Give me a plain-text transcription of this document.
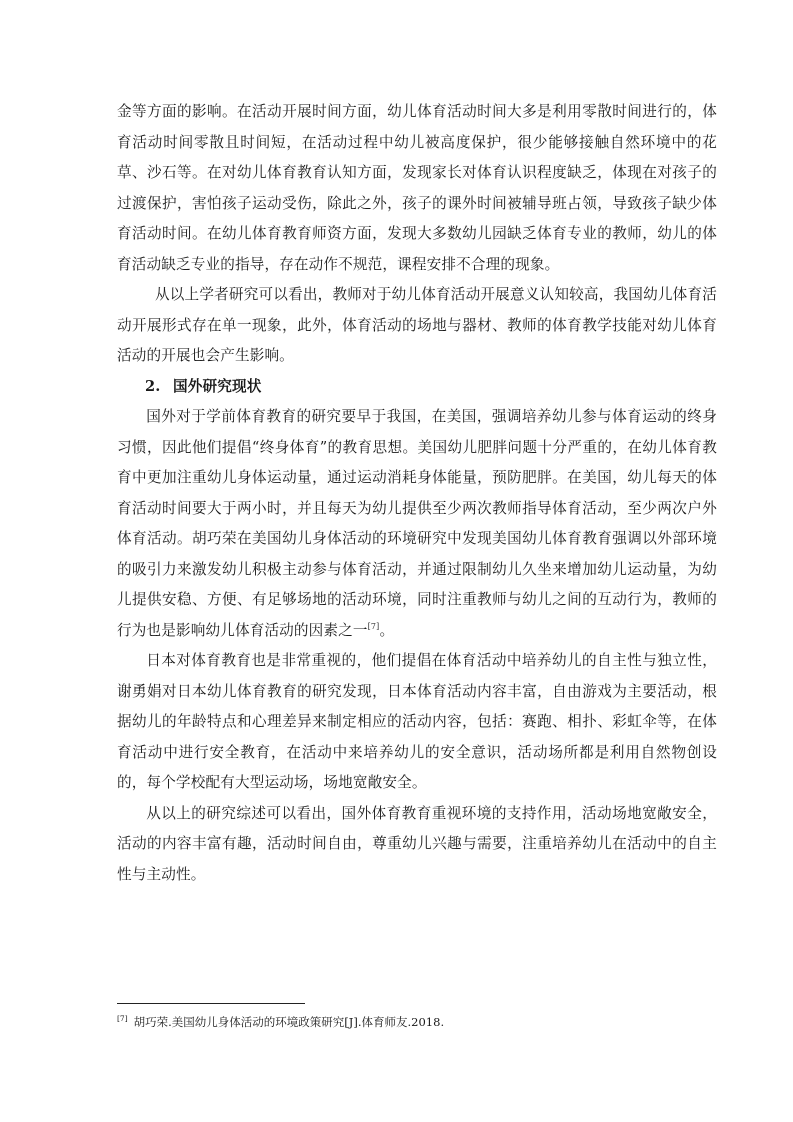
金等方面的影响。在活动开展时间方面，幼儿体育活动时间大多是利用零散时间进行的，体育活动时间零散且时间短，在活动过程中幼儿被高度保护，很少能够接触自然环境中的花草、沙石等。在对幼儿体育教育认知方面，发现家长对体育认识程度缺乏，体现在对孩子的过渡保护，害怕孩子运动受伤，除此之外，孩子的课外时间被辅导班占领，导致孩子缺少体育活动时间。在幼儿体育教育师资方面，发现大多数幼儿园缺乏体育专业的教师，幼儿的体育活动缺乏专业的指导，存在动作不规范，课程安排不合理的现象。

从以上学者研究可以看出，教师对于幼儿体育活动开展意义认知较高，我国幼儿体育活动开展形式存在单一现象，此外，体育活动的场地与器材、教师的体育教学技能对幼儿体育活动的开展也会产生影响。

2. 国外研究现状

国外对于学前体育教育的研究要早于我国，在美国，强调培养幼儿参与体育运动的终身习惯，因此他们提倡“终身体育”的教育思想。美国幼儿肥胖问题十分严重的，在幼儿体育教育中更加注重幼儿身体运动量，通过运动消耗身体能量，预防肥胖。在美国，幼儿每天的体育活动时间要大于两小时，并且每天为幼儿提供至少两次教师指导体育活动，至少两次户外体育活动。胡巧荣在美国幼儿身体活动的环境研究中发现美国幼儿体育教育强调以外部环境的吸引力来激发幼儿积极主动参与体育活动，并通过限制幼儿久坐来增加幼儿运动量，为幼儿提供安稳、方便、有足够场地的活动环境，同时注重教师与幼儿之间的互动行为，教师的行为也是影响幼儿体育活动的因素之一[7]。

日本对体育教育也是非常重视的，他们提倡在体育活动中培养幼儿的自主性与独立性，谢勇娟对日本幼儿体育教育的研究发现，日本体育活动内容丰富，自由游戏为主要活动，根据幼儿的年龄特点和心理差异来制定相应的活动内容，包括：赛跑、相扑、彩虹伞等，在体育活动中进行安全教育，在活动中来培养幼儿的安全意识，活动场所都是利用自然物创设的，每个学校配有大型运动场，场地宽敞安全。

从以上的研究综述可以看出，国外体育教育重视环境的支持作用，活动场地宽敞安全，活动的内容丰富有趣，活动时间自由，尊重幼儿兴趣与需要，注重培养幼儿在活动中的自主性与主动性。

[7] 胡巧荣.美国幼儿身体活动的环境政策研究[J].体育师友.2018.
